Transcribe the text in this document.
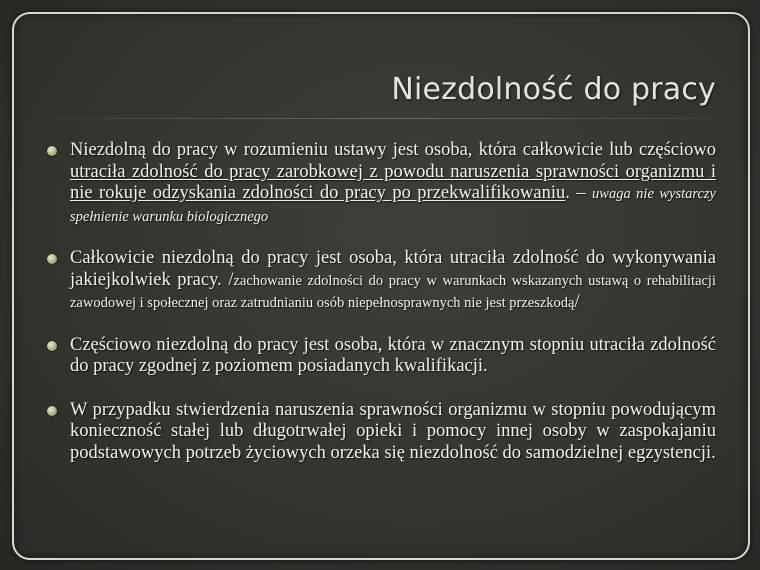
Niezdolność do pracy
Niezdolną do pracy w rozumieniu ustawy jest osoba, która całkowicie lub częściowo utraciła zdolność do pracy zarobkowej z powodu naruszenia sprawności organizmu i nie rokuje odzyskania zdolności do pracy po przekwalifikowaniu. – uwaga nie wystarczy spełnienie warunku biologicznego
Całkowicie niezdolną do pracy jest osoba, która utraciła zdolność do wykonywania jakiejkolwiek pracy. /zachowanie zdolności do pracy w warunkach wskazanych ustawą o rehabilitacji zawodowej i społecznej oraz zatrudnianiu osób niepełnosprawnych nie jest przeszkodą/
Częściowo niezdolną do pracy jest osoba, która w znacznym stopniu utraciła zdolność do pracy zgodnej z poziomem posiadanych kwalifikacji.
W przypadku stwierdzenia naruszenia sprawności organizmu w stopniu powodującym konieczność stałej lub długotrwałej opieki i pomocy innej osoby w zaspokajaniu podstawowych potrzeb życiowych orzeka się niezdolność do samodzielnej egzystencji.
